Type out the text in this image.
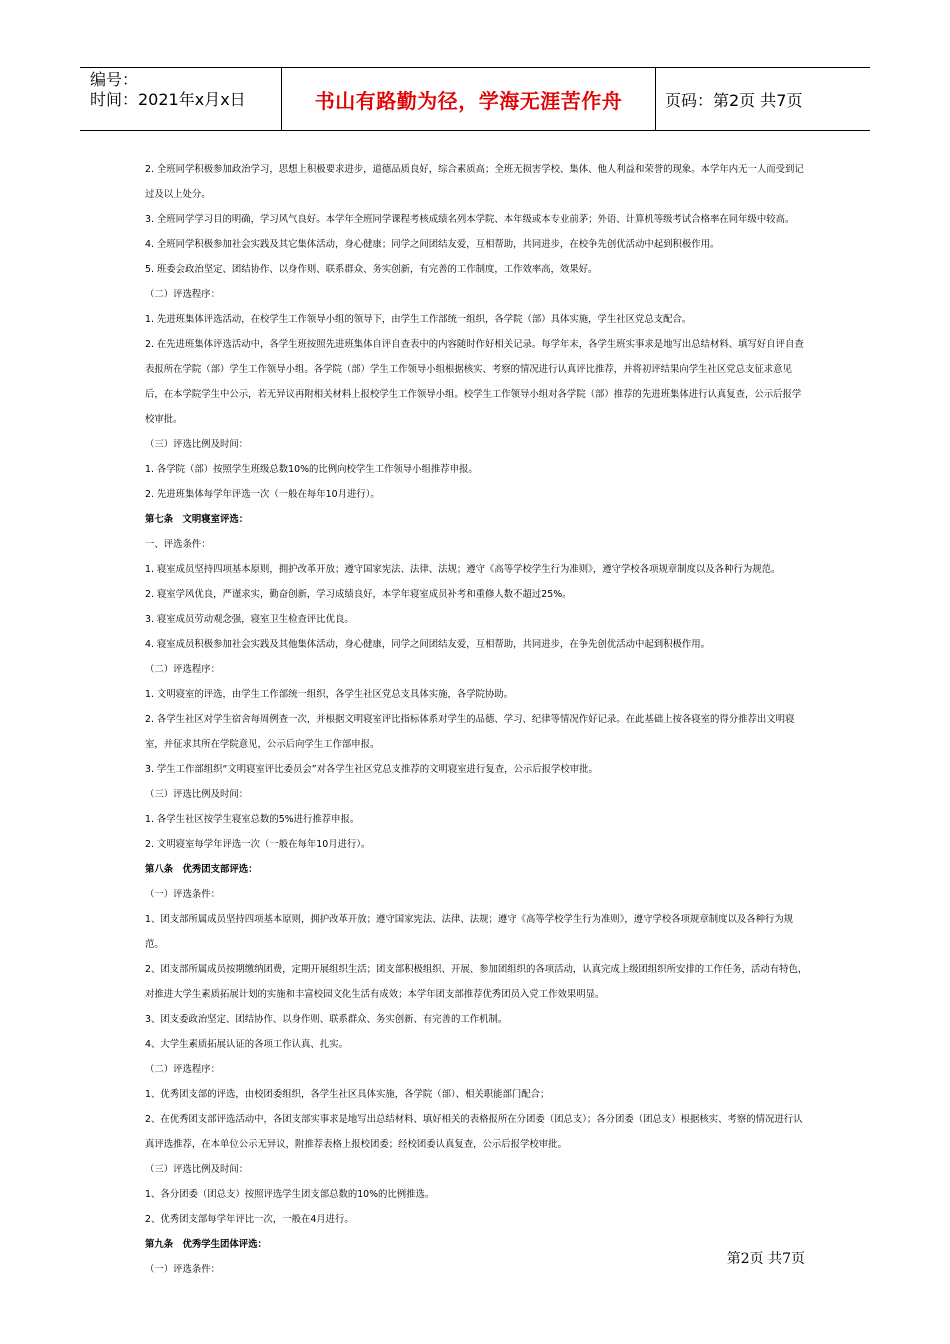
编号：
时间：2021年x月x日	书山有路勤为径，学海无涯苦作舟	页码：第2页 共7页

2. 全班同学积极参加政治学习，思想上积极要求进步，道德品质良好，综合素质高；全班无损害学校、集体、他人利益和荣誉的现象。本学年内无一人而受到记过及以上处分。

3. 全班同学学习目的明确，学习风气良好。本学年全班同学课程考核成绩名列本学院、本年级或本专业前茅；外语、计算机等级考试合格率在同年级中较高。

4. 全班同学积极参加社会实践及其它集体活动，身心健康；同学之间团结友爱，互相帮助，共同进步，在校争先创优活动中起到积极作用。

5. 班委会政治坚定、团结协作、以身作则、联系群众、务实创新，有完善的工作制度，工作效率高，效果好。

（二）评选程序：

1. 先进班集体评选活动，在校学生工作领导小组的领导下，由学生工作部统一组织，各学院（部）具体实施，学生社区党总支配合。

2. 在先进班集体评选活动中，各学生班按照先进班集体自评自查表中的内容随时作好相关记录。每学年末，各学生班实事求是地写出总结材料、填写好自评自查表报所在学院（部）学生工作领导小组。各学院（部）学生工作领导小组根据核实、考察的情况进行认真评比推荐，并将初评结果向学生社区党总支征求意见后，在本学院学生中公示，若无异议再附相关材料上报校学生工作领导小组。校学生工作领导小组对各学院（部）推荐的先进班集体进行认真复查，公示后报学校审批。

（三）评选比例及时间：

1. 各学院（部）按照学生班级总数10%的比例向校学生工作领导小组推荐申报。

2. 先进班集体每学年评选一次（一般在每年10月进行）。

第七条　文明寝室评选：

一、评选条件：

1. 寝室成员坚持四项基本原则，拥护改革开放；遵守国家宪法、法律、法规；遵守《高等学校学生行为准则》，遵守学校各项规章制度以及各种行为规范。

2. 寝室学风优良，严谨求实，勤奋创新，学习成绩良好，本学年寝室成员补考和重修人数不超过25%。

3. 寝室成员劳动观念强，寝室卫生检查评比优良。

4. 寝室成员积极参加社会实践及其他集体活动，身心健康，同学之间团结友爱，互相帮助，共同进步，在争先创优活动中起到积极作用。

（二）评选程序：

1. 文明寝室的评选，由学生工作部统一组织，各学生社区党总支具体实施，各学院协助。

2. 各学生社区对学生宿舍每周例查一次，并根据文明寝室评比指标体系对学生的品德、学习、纪律等情况作好记录。在此基础上按各寝室的得分推荐出文明寝室，并征求其所在学院意见，公示后向学生工作部申报。

3. 学生工作部组织“文明寝室评比委员会”对各学生社区党总支推荐的文明寝室进行复查，公示后报学校审批。

（三）评选比例及时间：

1. 各学生社区按学生寝室总数的5%进行推荐申报。

2. 文明寝室每学年评选一次（一般在每年10月进行）。

第八条　优秀团支部评选：

（一）评选条件：

1、团支部所属成员坚持四项基本原则，拥护改革开放；遵守国家宪法、法律、法规；遵守《高等学校学生行为准则》，遵守学校各项规章制度以及各种行为规范。

2、团支部所属成员按期缴纳团费，定期开展组织生活；团支部积极组织、开展、参加团组织的各项活动，认真完成上级团组织所安排的工作任务，活动有特色，对推进大学生素质拓展计划的实施和丰富校园文化生活有成效；本学年团支部推荐优秀团员入党工作效果明显。

3、团支委政治坚定、团结协作、以身作则、联系群众、务实创新、有完善的工作机制。

4、大学生素质拓展认证的各项工作认真、扎实。

（二）评选程序：

1、优秀团支部的评选，由校团委组织，各学生社区具体实施，各学院（部）、相关职能部门配合；

2、在优秀团支部评选活动中，各团支部实事求是地写出总结材料、填好相关的表格报所在分团委（团总支）；各分团委（团总支）根据核实、考察的情况进行认真评选推荐，在本单位公示无异议，附推荐表格上报校团委；经校团委认真复查，公示后报学校审批。

（三）评选比例及时间：

1、各分团委（团总支）按照评选学生团支部总数的10%的比例推选。

2、优秀团支部每学年评比一次，一般在4月进行。

第九条　优秀学生团体评选：

（一）评选条件：

第2页 共7页
